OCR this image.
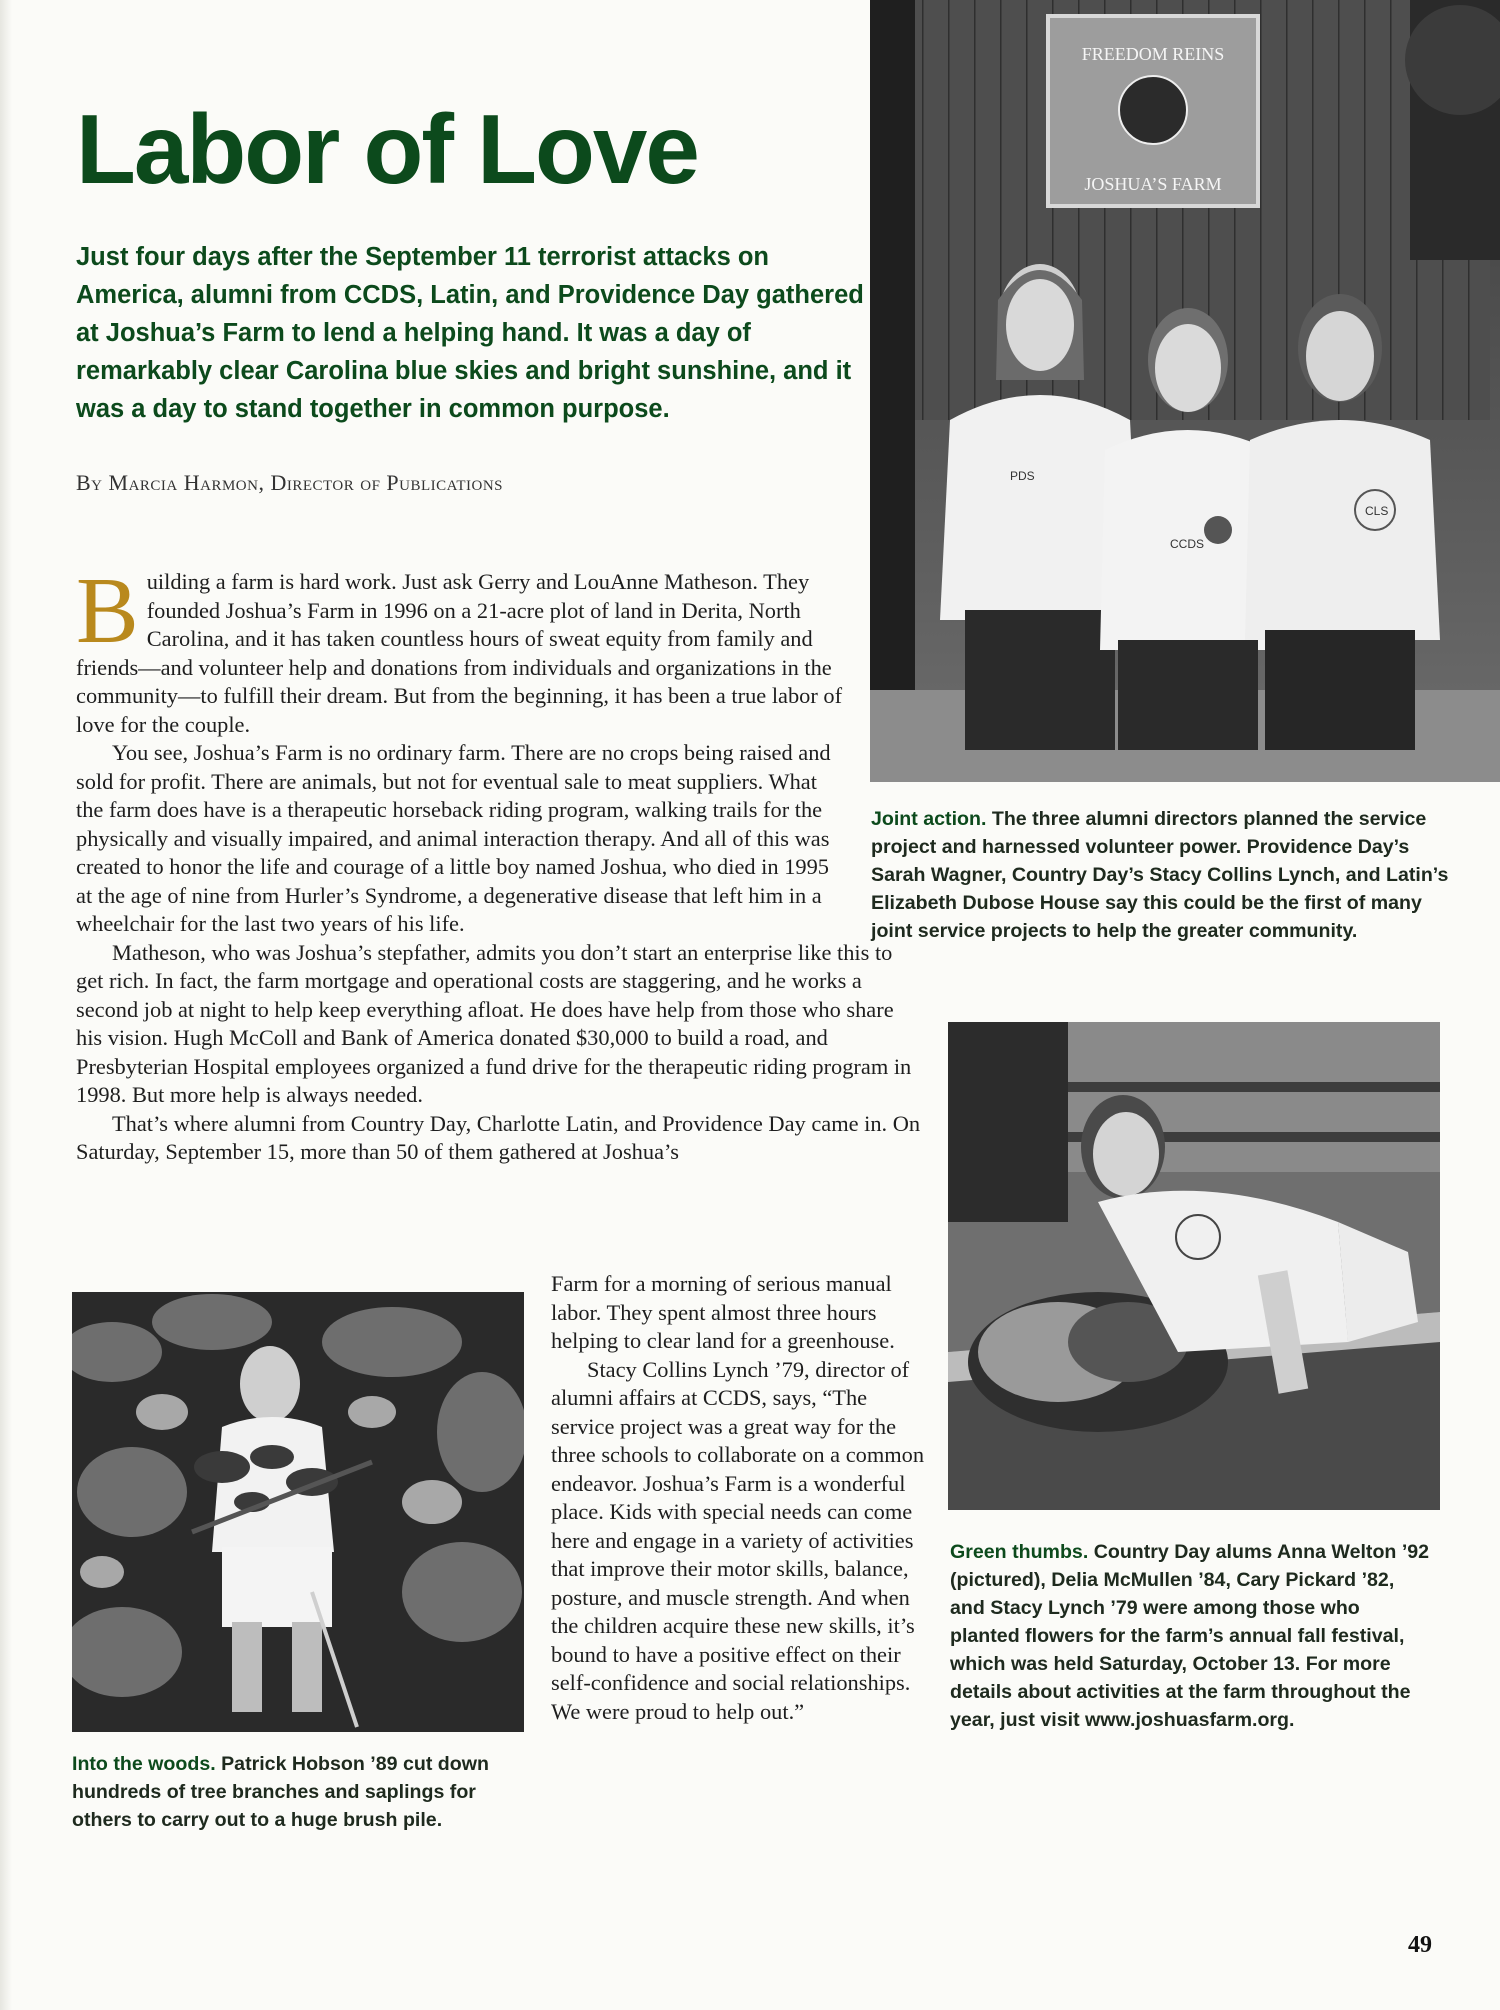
Labor of Love

Just four days after the September 11 terrorist attacks on America, alumni from CCDS, Latin, and Providence Day gathered at Joshua’s Farm to lend a helping hand. It was a day of remarkably clear Carolina blue skies and bright sunshine, and it was a day to stand together in common purpose.

By Marcia Harmon, Director of Publications

FREEDOM REINS
JOSHUA’S FARM
PDS
CCDS
CLS

Joint action. The three alumni directors planned the service project and harnessed volunteer power. Providence Day’s Sarah Wagner, Country Day’s Stacy Collins Lynch, and Latin’s Elizabeth Dubose House say this could be the first of many joint service projects to help the greater community.

Green thumbs. Country Day alums Anna Welton ’92 (pictured), Delia McMullen ’84, Cary Pickard ’82, and Stacy Lynch ’79 were among those who planted flowers for the farm’s annual fall festival, which was held Saturday, October 13. For more details about activities at the farm throughout the year, just visit www.joshuasfarm.org.

Into the woods. Patrick Hobson ’89 cut down hundreds of tree branches and saplings for others to carry out to a huge brush pile.

Building a farm is hard work. Just ask Gerry and LouAnne Matheson. They founded Joshua’s Farm in 1996 on a 21-acre plot of land in Derita, North Carolina, and it has taken countless hours of sweat equity from family and friends—and volunteer help and donations from individuals and organizations in the community—to fulfill their dream. But from the beginning, it has been a true labor of love for the couple.

You see, Joshua’s Farm is no ordinary farm. There are no crops being raised and sold for profit. There are animals, but not for eventual sale to meat suppliers. What the farm does have is a therapeutic horseback riding program, walking trails for the physically and visually impaired, and animal interaction therapy. And all of this was created to honor the life and courage of a little boy named Joshua, who died in 1995 at the age of nine from Hurler’s Syndrome, a degenerative disease that left him in a wheelchair for the last two years of his life.

Matheson, who was Joshua’s stepfather, admits you don’t start an enterprise like this to get rich. In fact, the farm mortgage and operational costs are staggering, and he works a second job at night to help keep everything afloat. He does have help from those who share his vision. Hugh McColl and Bank of America donated $30,000 to build a road, and Presbyterian Hospital employees organized a fund drive for the therapeutic riding program in 1998. But more help is always needed.

That’s where alumni from Country Day, Charlotte Latin, and Providence Day came in. On Saturday, September 15, more than 50 of them gathered at Joshua’s

Farm for a morning of serious manual labor. They spent almost three hours helping to clear land for a greenhouse.

Stacy Collins Lynch ’79, director of alumni affairs at CCDS, says, “The service project was a great way for the three schools to collaborate on a common endeavor. Joshua’s Farm is a wonderful place. Kids with special needs can come here and engage in a variety of activities that improve their motor skills, balance, posture, and muscle strength. And when the children acquire these new skills, it’s bound to have a positive effect on their self-confidence and social relationships. We were proud to help out.”

49
